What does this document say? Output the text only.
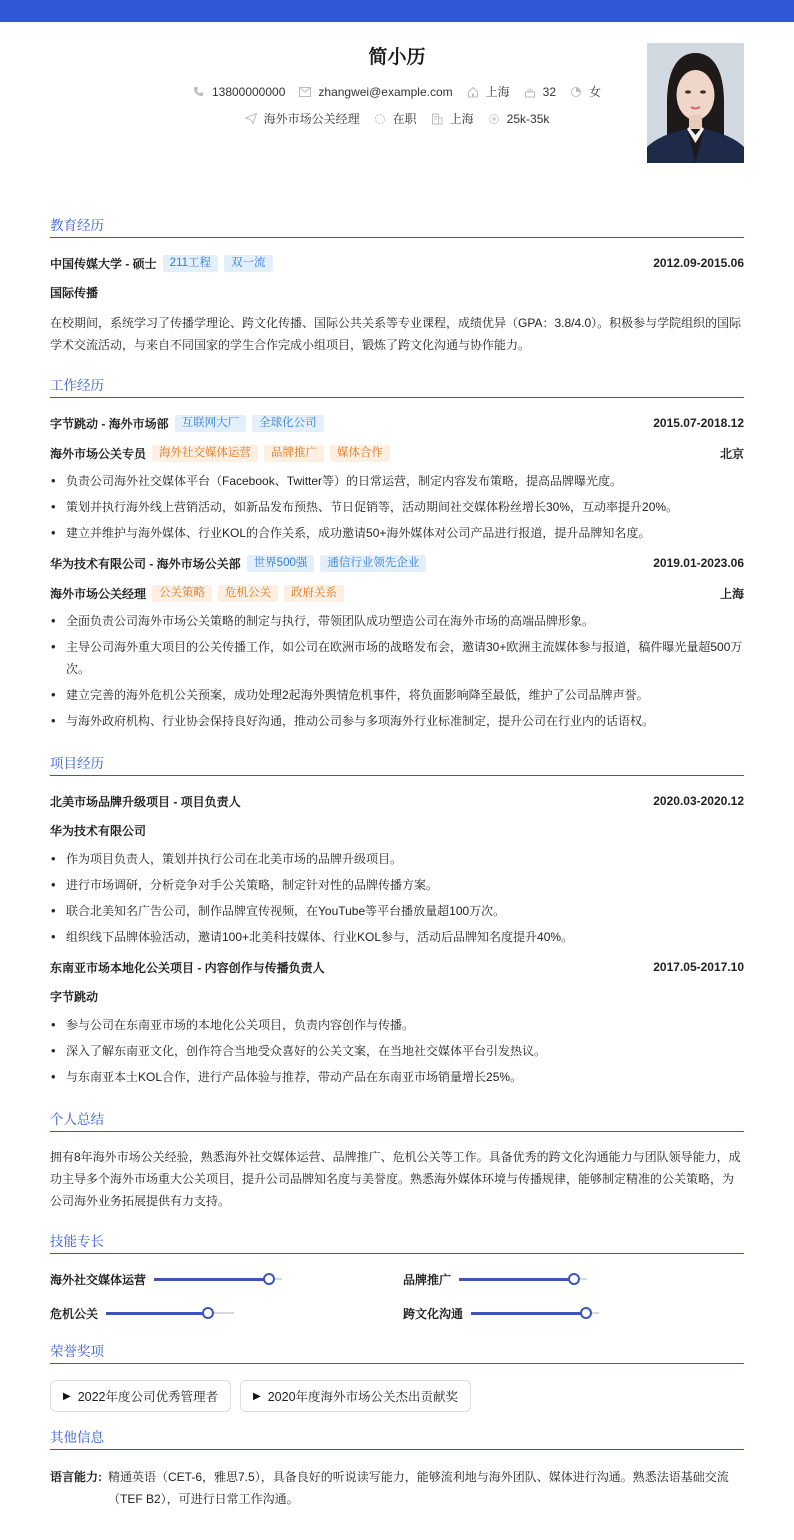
简小历
13800000000	zhangwei@example.com	上海	32	女
海外市场公关经理	在职	上海	25k-35k
教育经历
中国传媒大学 - 硕士	211工程	双一流	2012.09-2015.06
国际传播
在校期间，系统学习了传播学理论、跨文化传播、国际公共关系等专业课程，成绩优异（GPA：3.8/4.0）。积极参与学院组织的国际学术交流活动，与来自不同国家的学生合作完成小组项目，锻炼了跨文化沟通与协作能力。
工作经历
字节跳动 - 海外市场部	互联网大厂	全球化公司	2015.07-2018.12
海外市场公关专员	海外社交媒体运营	品牌推广	媒体合作	北京
• 负责公司海外社交媒体平台（Facebook、Twitter等）的日常运营，制定内容发布策略，提高品牌曝光度。
• 策划并执行海外线上营销活动，如新品发布预热、节日促销等，活动期间社交媒体粉丝增长30%，互动率提升20%。
• 建立并维护与海外媒体、行业KOL的合作关系，成功邀请50+海外媒体对公司产品进行报道，提升品牌知名度。
华为技术有限公司 - 海外市场公关部	世界500强	通信行业领先企业	2019.01-2023.06
海外市场公关经理	公关策略	危机公关	政府关系	上海
• 全面负责公司海外市场公关策略的制定与执行，带领团队成功塑造公司在海外市场的高端品牌形象。
• 主导公司海外重大项目的公关传播工作，如公司在欧洲市场的战略发布会，邀请30+欧洲主流媒体参与报道，稿件曝光量超500万次。
• 建立完善的海外危机公关预案，成功处理2起海外舆情危机事件，将负面影响降至最低，维护了公司品牌声誉。
• 与海外政府机构、行业协会保持良好沟通，推动公司参与多项海外行业标准制定，提升公司在行业内的话语权。
项目经历
北美市场品牌升级项目 - 项目负责人	2020.03-2020.12
华为技术有限公司
• 作为项目负责人，策划并执行公司在北美市场的品牌升级项目。
• 进行市场调研，分析竞争对手公关策略，制定针对性的品牌传播方案。
• 联合北美知名广告公司，制作品牌宣传视频，在YouTube等平台播放量超100万次。
• 组织线下品牌体验活动，邀请100+北美科技媒体、行业KOL参与，活动后品牌知名度提升40%。
东南亚市场本地化公关项目 - 内容创作与传播负责人	2017.05-2017.10
字节跳动
• 参与公司在东南亚市场的本地化公关项目，负责内容创作与传播。
• 深入了解东南亚文化，创作符合当地受众喜好的公关文案，在当地社交媒体平台引发热议。
• 与东南亚本土KOL合作，进行产品体验与推荐，带动产品在东南亚市场销量增长25%。
个人总结
拥有8年海外市场公关经验，熟悉海外社交媒体运营、品牌推广、危机公关等工作。具备优秀的跨文化沟通能力与团队领导能力，成功主导多个海外市场重大公关项目，提升公司品牌知名度与美誉度。熟悉海外媒体环境与传播规律，能够制定精准的公关策略，为公司海外业务拓展提供有力支持。
技能专长
海外社交媒体运营	品牌推广
危机公关	跨文化沟通
荣誉奖项
▶ 2022年度公司优秀管理者	▶ 2020年度海外市场公关杰出贡献奖
其他信息
语言能力: 精通英语（CET-6，雅思7.5），具备良好的听说读写能力，能够流利地与海外团队、媒体进行沟通。熟悉法语基础交流（TEF B2），可进行日常工作沟通。
